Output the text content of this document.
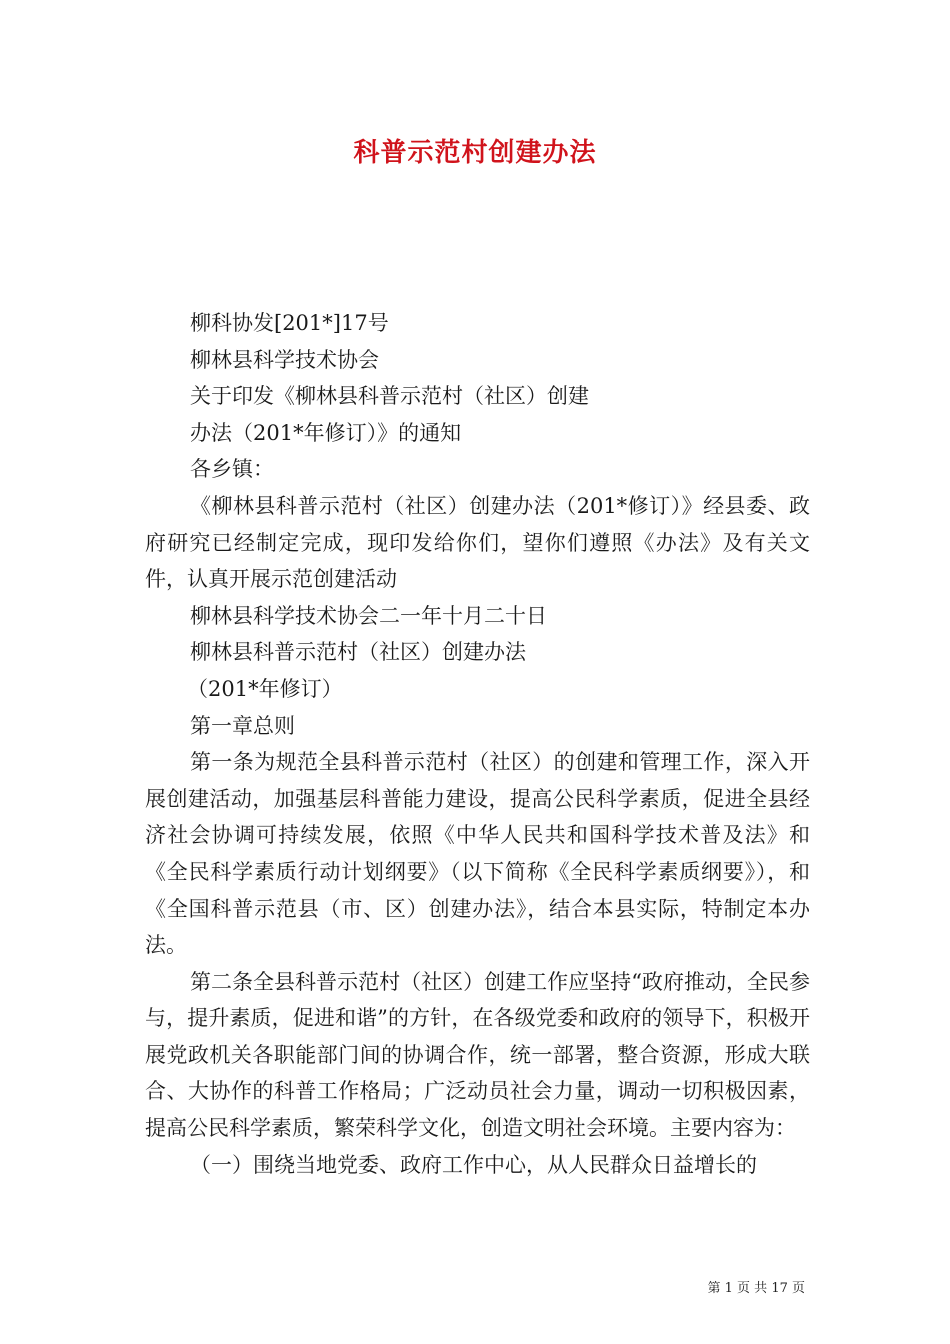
科普示范村创建办法
柳科协发[201*]17号
柳林县科学技术协会
关于印发《柳林县科普示范村（社区）创建
办法（201*年修订）》的通知
各乡镇：

《柳林县科普示范村（社区）创建办法（201*修订）》经县委、政府研究已经制定完成，现印发给你们，望你们遵照《办法》及有关文件，认真开展示范创建活动

柳林县科学技术协会二一年十月二十日
柳林县科普示范村（社区）创建办法
（201*年修订）
第一章总则

第一条为规范全县科普示范村（社区）的创建和管理工作，深入开展创建活动，加强基层科普能力建设，提高公民科学素质，促进全县经济社会协调可持续发展，依照《中华人民共和国科学技术普及法》和《全民科学素质行动计划纲要》（以下简称《全民科学素质纲要》），和《全国科普示范县（市、区）创建办法》，结合本县实际，特制定本办法。

第二条全县科普示范村（社区）创建工作应坚持“政府推动，全民参与，提升素质，促进和谐”的方针，在各级党委和政府的领导下，积极开展党政机关各职能部门间的协调合作，统一部署，整合资源，形成大联合、大协作的科普工作格局；广泛动员社会力量，调动一切积极因素，提高公民科学素质，繁荣科学文化，创造文明社会环境。主要内容为：

（一）围绕当地党委、政府工作中心，从人民群众日益增长的

第 1 页 共 17 页
